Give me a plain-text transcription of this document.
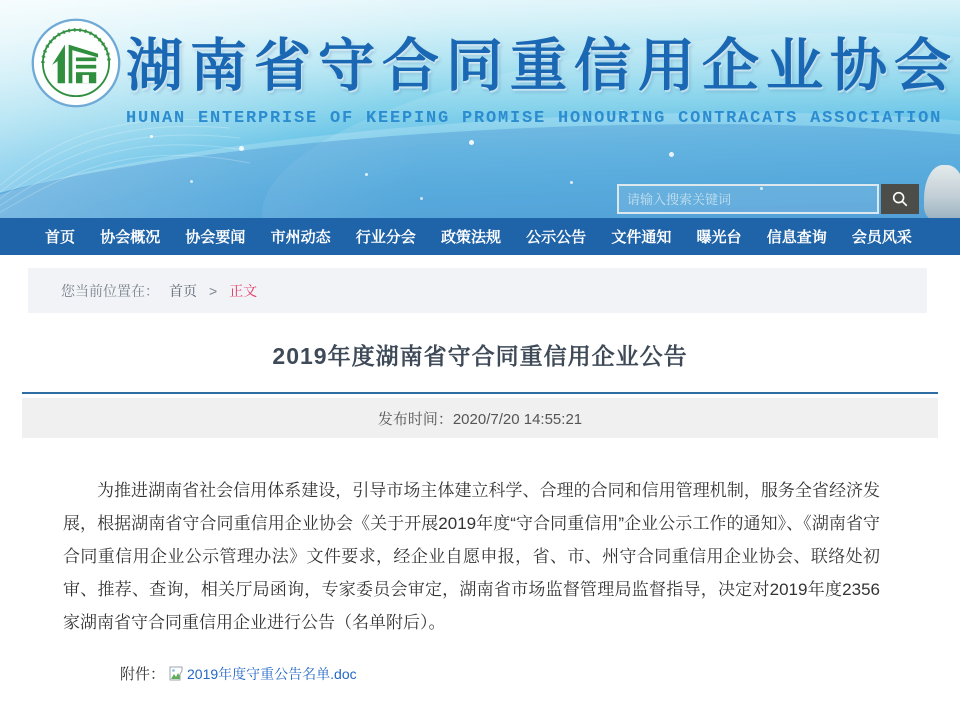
湖南省守合同重信用企业协会
HUNAN ENTERPRISE OF KEEPING PROMISE HONOURING CONTRACATS ASSOCIATION
请输入搜索关键词
首页 协会概况 协会要闻 市州动态 行业分会 政策法规 公示公告 文件通知 曝光台 信息查询 会员风采
您当前位置在： 首页 > 正文
2019年度湖南省守合同重信用企业公告
发布时间：2020/7/20 14:55:21
为推进湖南省社会信用体系建设，引导市场主体建立科学、合理的合同和信用管理机制，服务全省经济发展，根据湖南省守合同重信用企业协会《关于开展2019年度“守合同重信用”企业公示工作的通知》、《湖南省守合同重信用企业公示管理办法》文件要求，经企业自愿申报，省、市、州守合同重信用企业协会、联络处初审、推荐、查询，相关厅局函询，专家委员会审定，湖南省市场监督管理局监督指导，决定对2019年度2356家湖南省守合同重信用企业进行公告（名单附后）。
附件： 2019年度守重公告名单.doc
